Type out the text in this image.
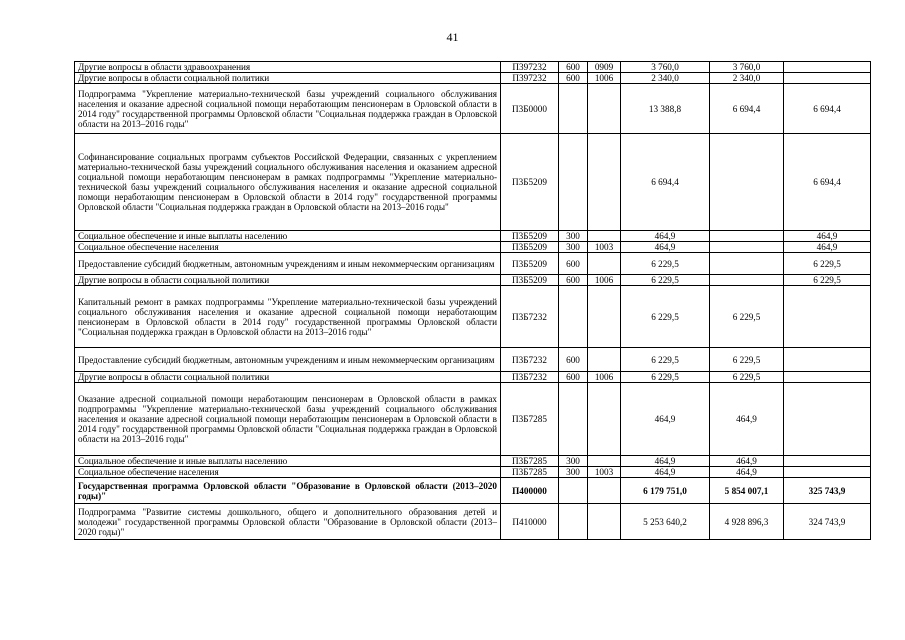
41
Другие вопросы в области здравоохранения	П397232	600	0909	3 760,0	3 760,0	
Другие вопросы в области социальной политики	П397232	600	1006	2 340,0	2 340,0	
Подпрограмма "Укрепление материально-технической базы учреждений социального обслуживания населения и оказание адресной социальной помощи неработающим пенсионерам в Орловской области в 2014 году" государственной программы Орловской области "Социальная поддержка граждан в Орловской области на 2013–2016 годы"	П3Б0000			13 388,8	6 694,4	6 694,4
Софинансирование социальных программ субъектов Российской Федерации, связанных с укреплением материально-технической базы учреждений социального обслуживания населения и оказанием адресной социальной помощи неработающим пенсионерам в рамках подпрограммы "Укрепление материально-технической базы учреждений социального обслуживания населения и оказание адресной социальной помощи неработающим пенсионерам в Орловской области в 2014 году" государственной программы Орловской области "Социальная поддержка граждан в Орловской области на 2013–2016 годы"	П3Б5209			6 694,4		6 694,4
Социальное обеспечение и иные выплаты населению	П3Б5209	300		464,9		464,9
Социальное обеспечение населения	П3Б5209	300	1003	464,9		464,9
Предоставление субсидий бюджетным, автономным учреждениям и иным некоммерческим организациям	П3Б5209	600		6 229,5		6 229,5
Другие вопросы в области социальной политики	П3Б5209	600	1006	6 229,5		6 229,5
Капитальный ремонт в рамках подпрограммы "Укрепление материально-технической базы учреждений социального обслуживания населения и оказание адресной социальной помощи неработающим пенсионерам в Орловской области в 2014 году" государственной программы Орловской области "Социальная поддержка граждан в Орловской области на 2013–2016 годы"	П3Б7232			6 229,5	6 229,5	
Предоставление субсидий бюджетным, автономным учреждениям и иным некоммерческим организациям	П3Б7232	600		6 229,5	6 229,5	
Другие вопросы в области социальной политики	П3Б7232	600	1006	6 229,5	6 229,5	
Оказание адресной социальной помощи неработающим пенсионерам в Орловской области в рамках подпрограммы "Укрепление материально-технической базы учреждений социального обслуживания населения и оказание адресной социальной помощи неработающим пенсионерам в Орловской области в 2014 году" государственной программы Орловской области "Социальная поддержка граждан в Орловской области на 2013–2016 годы"	П3Б7285			464,9	464,9	
Социальное обеспечение и иные выплаты населению	П3Б7285	300		464,9	464,9	
Социальное обеспечение населения	П3Б7285	300	1003	464,9	464,9	
Государственная программа Орловской области "Образование в Орловской области (2013–2020 годы)"	П400000			6 179 751,0	5 854 007,1	325 743,9
Подпрограмма "Развитие системы дошкольного, общего и дополнительного образования детей и молодежи" государственной программы Орловской области "Образование в Орловской области (2013–2020 годы)"	П410000			5 253 640,2	4 928 896,3	324 743,9
